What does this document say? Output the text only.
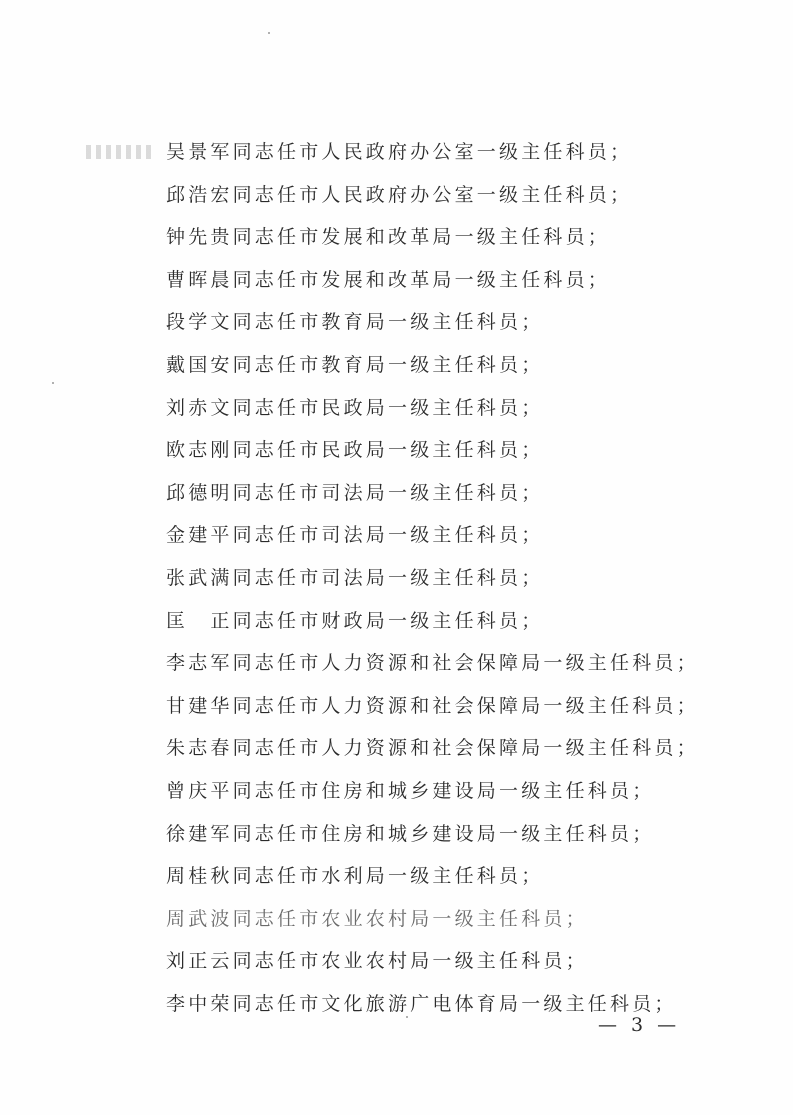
吴景军同志任市人民政府办公室一级主任科员；
邱浩宏同志任市人民政府办公室一级主任科员；
钟先贵同志任市发展和改革局一级主任科员；
曹晖晨同志任市发展和改革局一级主任科员；
段学文同志任市教育局一级主任科员；
戴国安同志任市教育局一级主任科员；
刘赤文同志任市民政局一级主任科员；
欧志刚同志任市民政局一级主任科员；
邱德明同志任市司法局一级主任科员；
金建平同志任市司法局一级主任科员；
张武满同志任市司法局一级主任科员；
匡　正同志任市财政局一级主任科员；
李志军同志任市人力资源和社会保障局一级主任科员；
甘建华同志任市人力资源和社会保障局一级主任科员；
朱志春同志任市人力资源和社会保障局一级主任科员；
曾庆平同志任市住房和城乡建设局一级主任科员；
徐建军同志任市住房和城乡建设局一级主任科员；
周桂秋同志任市水利局一级主任科员；
周武波同志任市农业农村局一级主任科员；
刘正云同志任市农业农村局一级主任科员；
李中荣同志任市文化旅游广电体育局一级主任科员；
— 3 —
